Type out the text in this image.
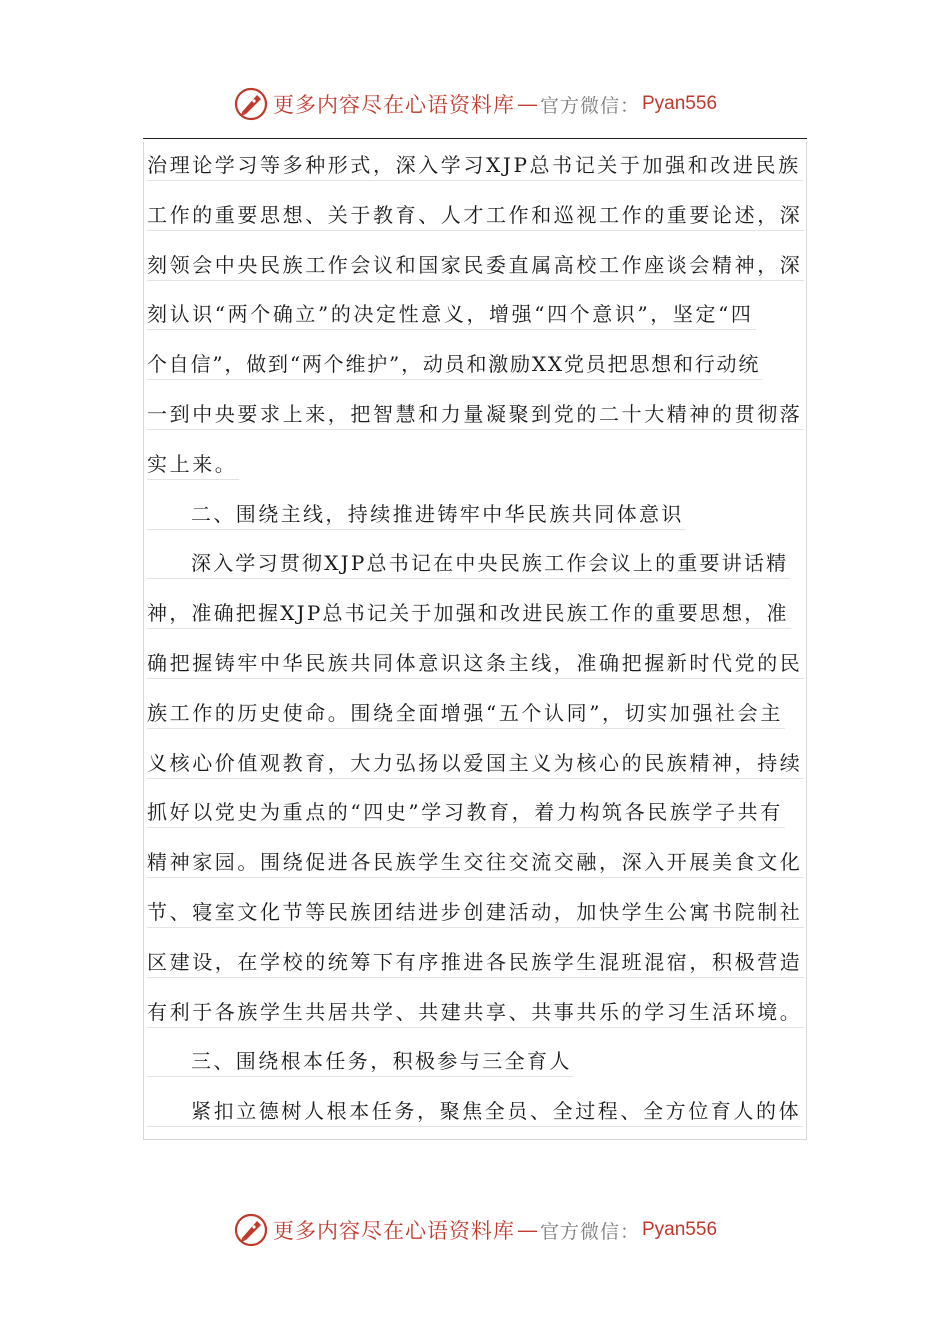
更多内容尽在心语资料库 — 官方微信： Pyan556
治理论学习等多种形式，深入学习XJP总书记关于加强和改进民族
工作的重要思想、关于教育、人才工作和巡视工作的重要论述，深
刻领会中央民族工作会议和国家民委直属高校工作座谈会精神，深
刻认识“两个确立”的决定性意义，增强“四个意识”，坚定“四
个自信”，做到“两个维护”，动员和激励XX党员把思想和行动统
一到中央要求上来，把智慧和力量凝聚到党的二十大精神的贯彻落
实上来。
二、围绕主线，持续推进铸牢中华民族共同体意识
深入学习贯彻XJP总书记在中央民族工作会议上的重要讲话精
神，准确把握XJP总书记关于加强和改进民族工作的重要思想，准
确把握铸牢中华民族共同体意识这条主线，准确把握新时代党的民
族工作的历史使命。围绕全面增强“五个认同”，切实加强社会主
义核心价值观教育，大力弘扬以爱国主义为核心的民族精神，持续
抓好以党史为重点的“四史”学习教育，着力构筑各民族学子共有
精神家园。围绕促进各民族学生交往交流交融，深入开展美食文化
节、寝室文化节等民族团结进步创建活动，加快学生公寓书院制社
区建设，在学校的统筹下有序推进各民族学生混班混宿，积极营造
有利于各族学生共居共学、共建共享、共事共乐的学习生活环境。
三、围绕根本任务，积极参与三全育人
紧扣立德树人根本任务，聚焦全员、全过程、全方位育人的体
更多内容尽在心语资料库 — 官方微信： Pyan556
